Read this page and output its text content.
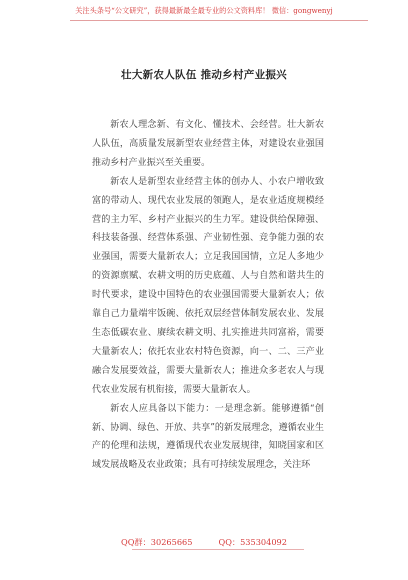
关注头条号“公文研究”，获得最新最全最专业的公文资料库！ 微信：gongwenyj
壮大新农人队伍 推动乡村产业振兴

新农人理念新、有文化、懂技术、会经营。壮大新农人队伍，高质量发展新型农业经营主体，对建设农业强国推动乡村产业振兴至关重要。

新农人是新型农业经营主体的创办人、小农户增收致富的带动人、现代农业发展的领跑人，是农业适度规模经营的主力军、乡村产业振兴的生力军。建设供给保障强、科技装备强、经营体系强、产业韧性强、竞争能力强的农业强国，需要大量新农人；立足我国国情，立足人多地少的资源禀赋、农耕文明的历史底蕴、人与自然和谐共生的时代要求，建设中国特色的农业强国需要大量新农人；依靠自己力量端牢饭碗、依托双层经营体制发展农业、发展生态低碳农业、赓续农耕文明、扎实推进共同富裕，需要大量新农人；依托农业农村特色资源，向一、二、三产业融合发展要效益，需要大量新农人；推进众多老农人与现代农业发展有机衔接，需要大量新农人。

新农人应具备以下能力：一是理念新。能够遵循“创新、协调、绿色、开放、共享”的新发展理念，遵循农业生产的伦理和法规，遵循现代农业发展规律，知晓国家和区域发展战略及农业政策；具有可持续发展理念，关注环

QQ群：30265665	QQ：535304092
